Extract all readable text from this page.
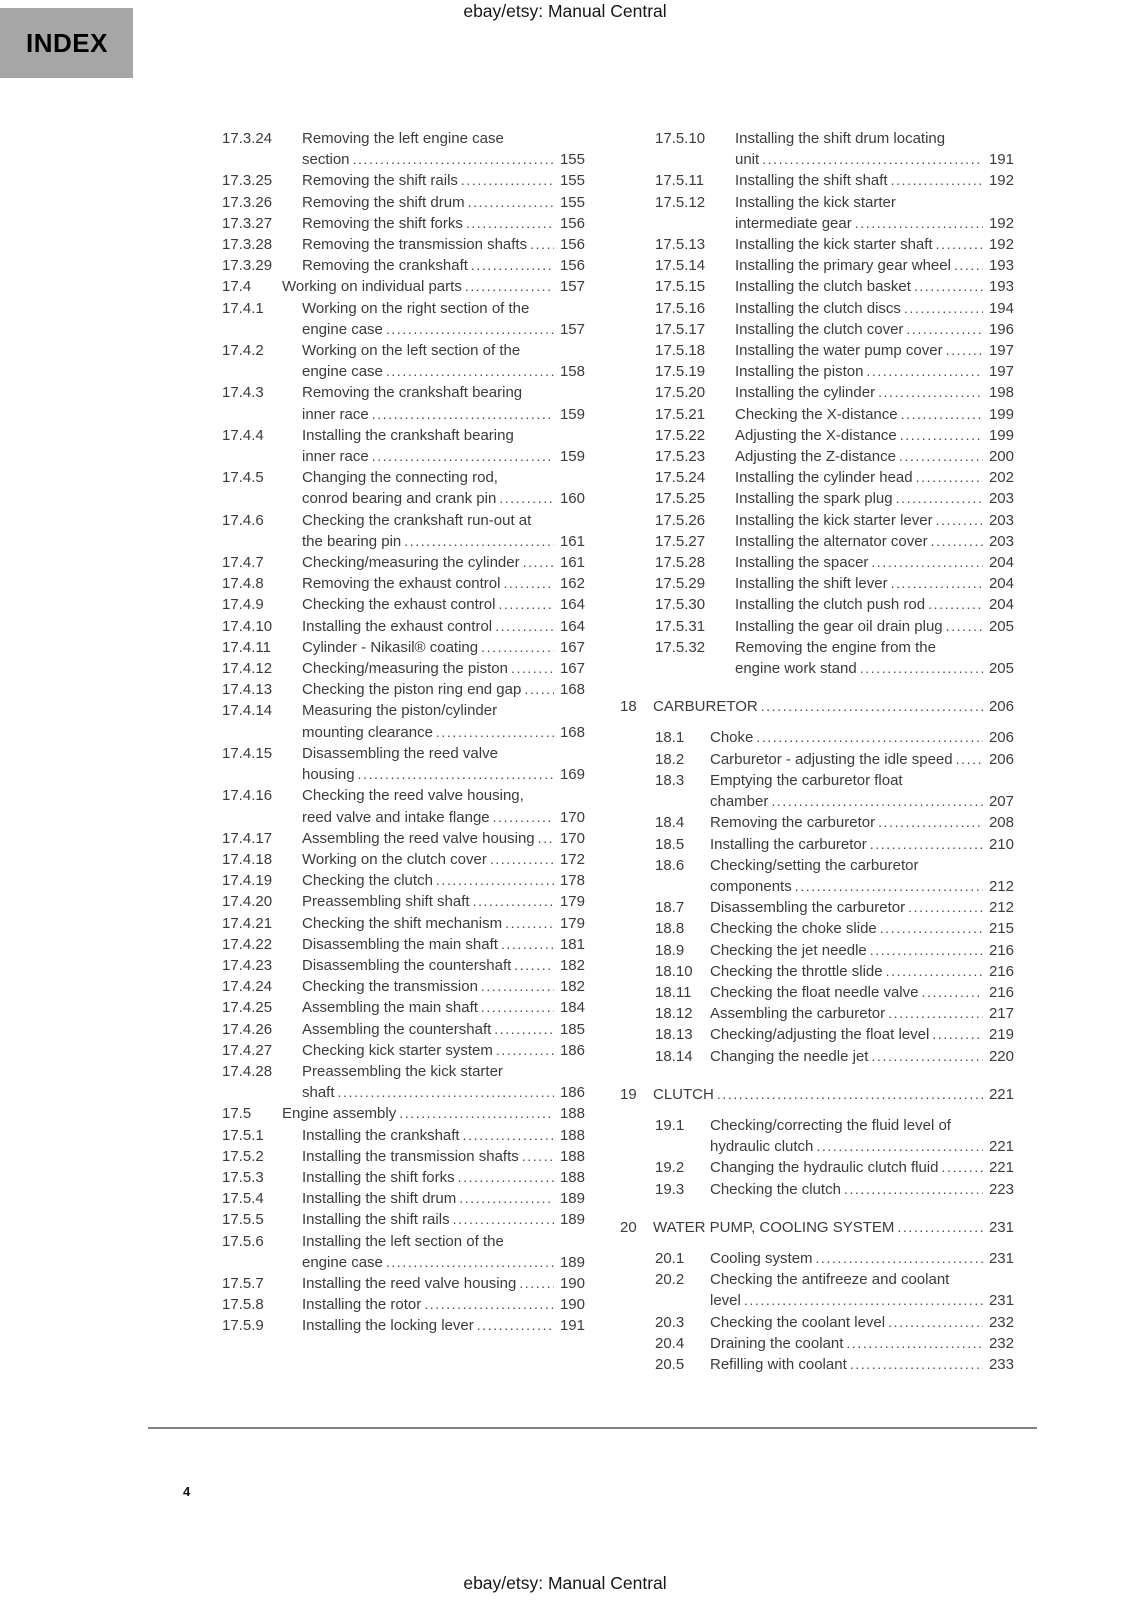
ebay/etsy: Manual Central
INDEX
17.3.24	Removing the left engine case
section .....	155
17.3.25	Removing the shift rails .....	155
17.3.26	Removing the shift drum .....	155
17.3.27	Removing the shift forks .....	156
17.3.28	Removing the transmission shafts ..... 156
17.3.29	Removing the crankshaft .....	156
17.4	Working on individual parts .....	157
17.4.1	Working on the right section of the
engine case .....	157
17.4.2	Working on the left section of the
engine case .....	158
17.4.3	Removing the crankshaft bearing
inner race .....	159
17.4.4	Installing the crankshaft bearing
inner race .....	159
17.4.5	Changing the connecting rod,
conrod bearing and crank pin .....	160
17.4.6	Checking the crankshaft run-out at
the bearing pin .....	161
17.4.7	Checking/measuring the cylinder .....	161
17.4.8	Removing the exhaust control .....	162
17.4.9	Checking the exhaust control .....	164
17.4.10	Installing the exhaust control .....	164
17.4.11	Cylinder - Nikasil® coating .....	167
17.4.12	Checking/measuring the piston .....	167
17.4.13	Checking the piston ring end gap .....	168
17.4.14	Measuring the piston/cylinder
mounting clearance .....	168
17.4.15	Disassembling the reed valve
housing .....	169
17.4.16	Checking the reed valve housing,
reed valve and intake flange .....	170
17.4.17	Assembling the reed valve housing ..... 170
17.4.18	Working on the clutch cover .....	172
17.4.19	Checking the clutch .....	178
17.4.20	Preassembling shift shaft .....	179
17.4.21	Checking the shift mechanism .....	179
17.4.22	Disassembling the main shaft .....	181
17.4.23	Disassembling the countershaft .....	182
17.4.24	Checking the transmission .....	182
17.4.25	Assembling the main shaft .....	184
17.4.26	Assembling the countershaft .....	185
17.4.27	Checking kick starter system .....	186
17.4.28	Preassembling the kick starter
shaft .....	186
17.5	Engine assembly .....	188
17.5.1	Installing the crankshaft .....	188
17.5.2	Installing the transmission shafts .....	188
17.5.3	Installing the shift forks .....	188
17.5.4	Installing the shift drum .....	189
17.5.5	Installing the shift rails .....	189
17.5.6	Installing the left section of the
engine case .....	189
17.5.7	Installing the reed valve housing .....	190
17.5.8	Installing the rotor .....	190
17.5.9	Installing the locking lever .....	191
17.5.10	Installing the shift drum locating
unit .....	191
17.5.11	Installing the shift shaft .....	192
17.5.12	Installing the kick starter
intermediate gear .....	192
17.5.13	Installing the kick starter shaft .....	192
17.5.14	Installing the primary gear wheel .....	193
17.5.15	Installing the clutch basket .....	193
17.5.16	Installing the clutch discs .....	194
17.5.17	Installing the clutch cover .....	196
17.5.18	Installing the water pump cover .....	197
17.5.19	Installing the piston .....	197
17.5.20	Installing the cylinder .....	198
17.5.21	Checking the X-distance .....	199
17.5.22	Adjusting the X-distance .....	199
17.5.23	Adjusting the Z-distance .....	200
17.5.24	Installing the cylinder head .....	202
17.5.25	Installing the spark plug .....	203
17.5.26	Installing the kick starter lever .....	203
17.5.27	Installing the alternator cover .....	203
17.5.28	Installing the spacer .....	204
17.5.29	Installing the shift lever .....	204
17.5.30	Installing the clutch push rod .....	204
17.5.31	Installing the gear oil drain plug .....	205
17.5.32	Removing the engine from the
engine work stand .....	205
18	CARBURETOR .....	206
18.1	Choke .....	206
18.2	Carburetor - adjusting the idle speed ..... 206
18.3	Emptying the carburetor float
chamber .....	207
18.4	Removing the carburetor .....	208
18.5	Installing the carburetor .....	210
18.6	Checking/setting the carburetor
components .....	212
18.7	Disassembling the carburetor .....	212
18.8	Checking the choke slide .....	215
18.9	Checking the jet needle .....	216
18.10	Checking the throttle slide .....	216
18.11	Checking the float needle valve .....	216
18.12	Assembling the carburetor .....	217
18.13	Checking/adjusting the float level .....	219
18.14	Changing the needle jet .....	220
19	CLUTCH .....	221
19.1	Checking/correcting the fluid level of
hydraulic clutch .....	221
19.2	Changing the hydraulic clutch fluid .....	221
19.3	Checking the clutch .....	223
20	WATER PUMP, COOLING SYSTEM .....	231
20.1	Cooling system .....	231
20.2	Checking the antifreeze and coolant
level .....	231
20.3	Checking the coolant level .....	232
20.4	Draining the coolant .....	232
20.5	Refilling with coolant .....	233
4
ebay/etsy: Manual Central
